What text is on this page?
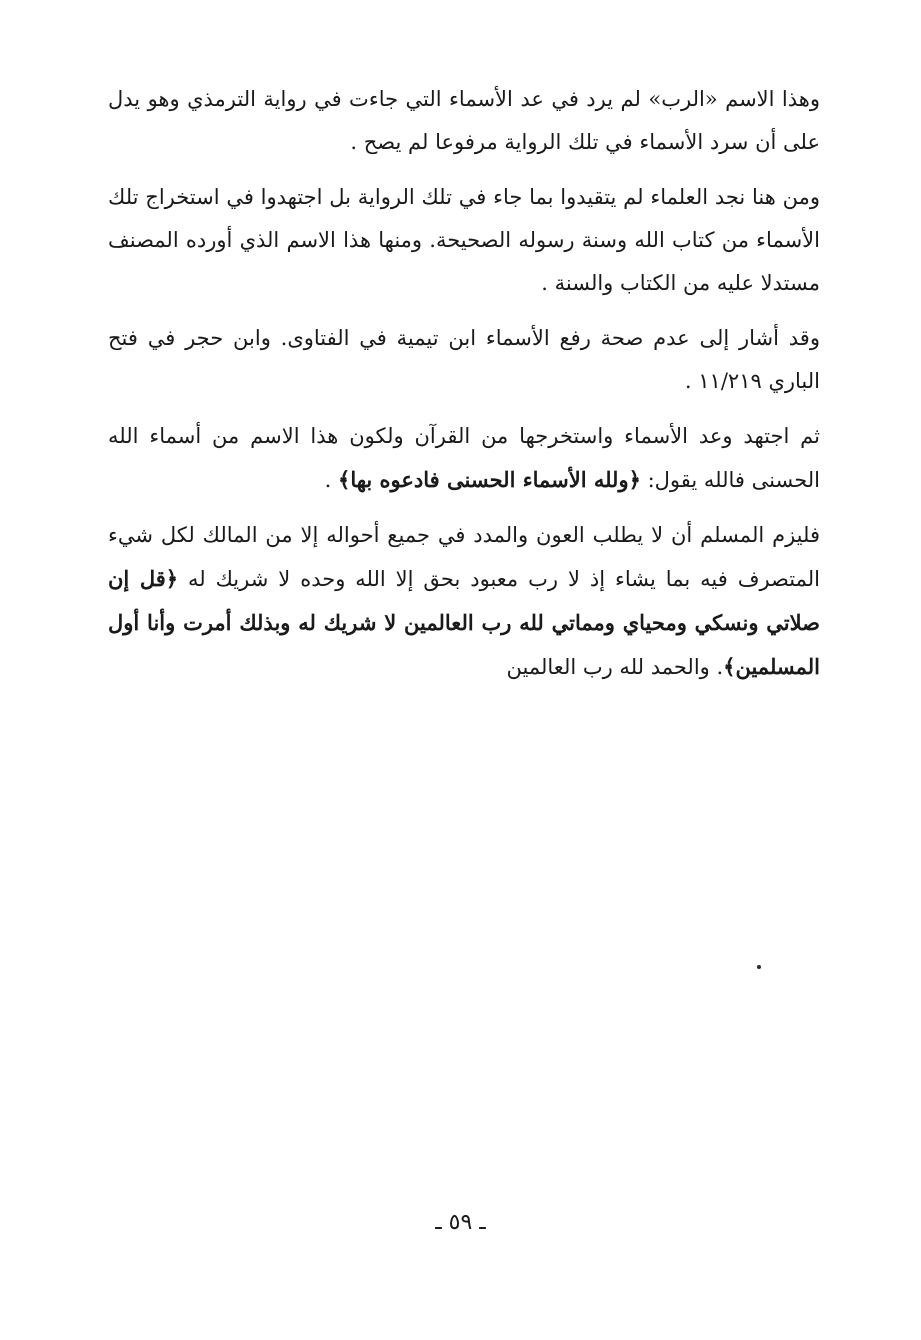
وهذا الاسم «الرب» لم يرد في عد الأسماء التي جاءت في رواية الترمذي وهو يدل على أن سرد الأسماء في تلك الرواية مرفوعا لم يصح .

ومن هنا نجد العلماء لم يتقيدوا بما جاء في تلك الرواية بل اجتهدوا في استخراج تلك الأسماء من كتاب الله وسنة رسوله الصحيحة. ومنها هذا الاسم الذي أورده المصنف مستدلا عليه من الكتاب والسنة .

وقد أشار إلى عدم صحة رفع الأسماء ابن تيمية في الفتاوى. وابن حجر في فتح الباري ١١/٢١٩ .

ثم اجتهد وعد الأسماء واستخرجها من القرآن ولكون هذا الاسم من أسماء الله الحسنى فالله يقول: ﴿ولله الأسماء الحسنى فادعوه بها﴾ .

فليزم المسلم أن لا يطلب العون والمدد في جميع أحواله إلا من المالك لكل شيء المتصرف فيه بما يشاء إذ لا رب معبود بحق إلا الله وحده لا شريك له ﴿قل إن صلاتي ونسكي ومحياي ومماتي لله رب العالمين لا شريك له وبذلك أمرت وأنا أول المسلمين﴾. والحمد لله رب العالمين

ـ ٥٩ ـ
